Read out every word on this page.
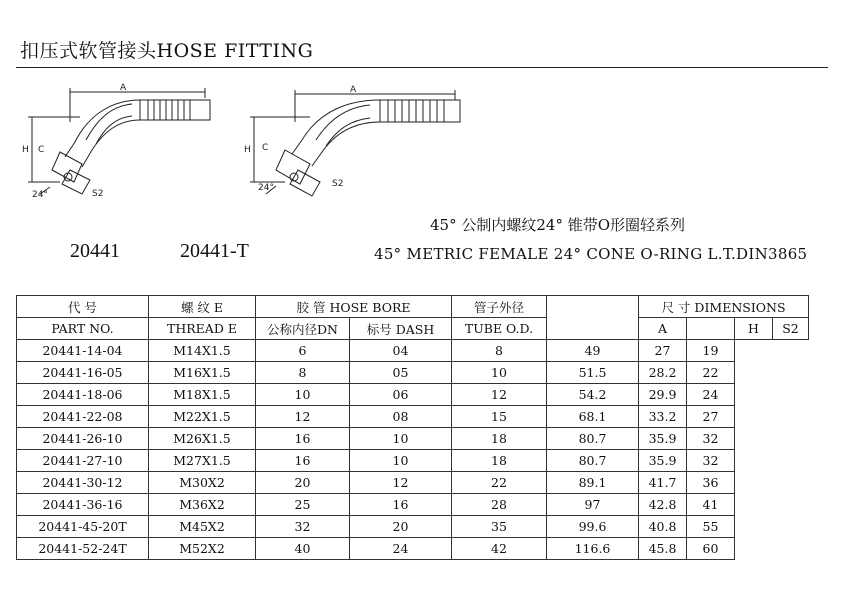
扣压式软管接头HOSE FITTING
A
H C
24°	S2
A
H C
24°	S2
20441	20441-T
45° 公制内螺纹24° 锥带O形圈轻系列
45° METRIC FEMALE 24° CONE O-RING L.T.DIN3865
代 号	螺 纹 E	胶 管 HOSE BORE		管子外径		尺 寸 DIMENSIONS			
PART NO.	THREAD E	公称内径DN	标号 DASH	TUBE O.D.		A		H	S2
20441-14-04	M14X1.5	6	04	8	49	27	19		
20441-16-05	M16X1.5	8	05	10	51.5	28.2	22		
20441-18-06	M18X1.5	10	06	12	54.2	29.9	24		
20441-22-08	M22X1.5	12	08	15	68.1	33.2	27		
20441-26-10	M26X1.5	16	10	18	80.7	35.9	32		
20441-27-10	M27X1.5	16	10	18	80.7	35.9	32		
20441-30-12	M30X2	20	12	22	89.1	41.7	36		
20441-36-16	M36X2	25	16	28	97	42.8	41		
20441-45-20T	M45X2	32	20	35	99.6	40.8	55		
20441-52-24T	M52X2	40	24	42	116.6	45.8	60		
